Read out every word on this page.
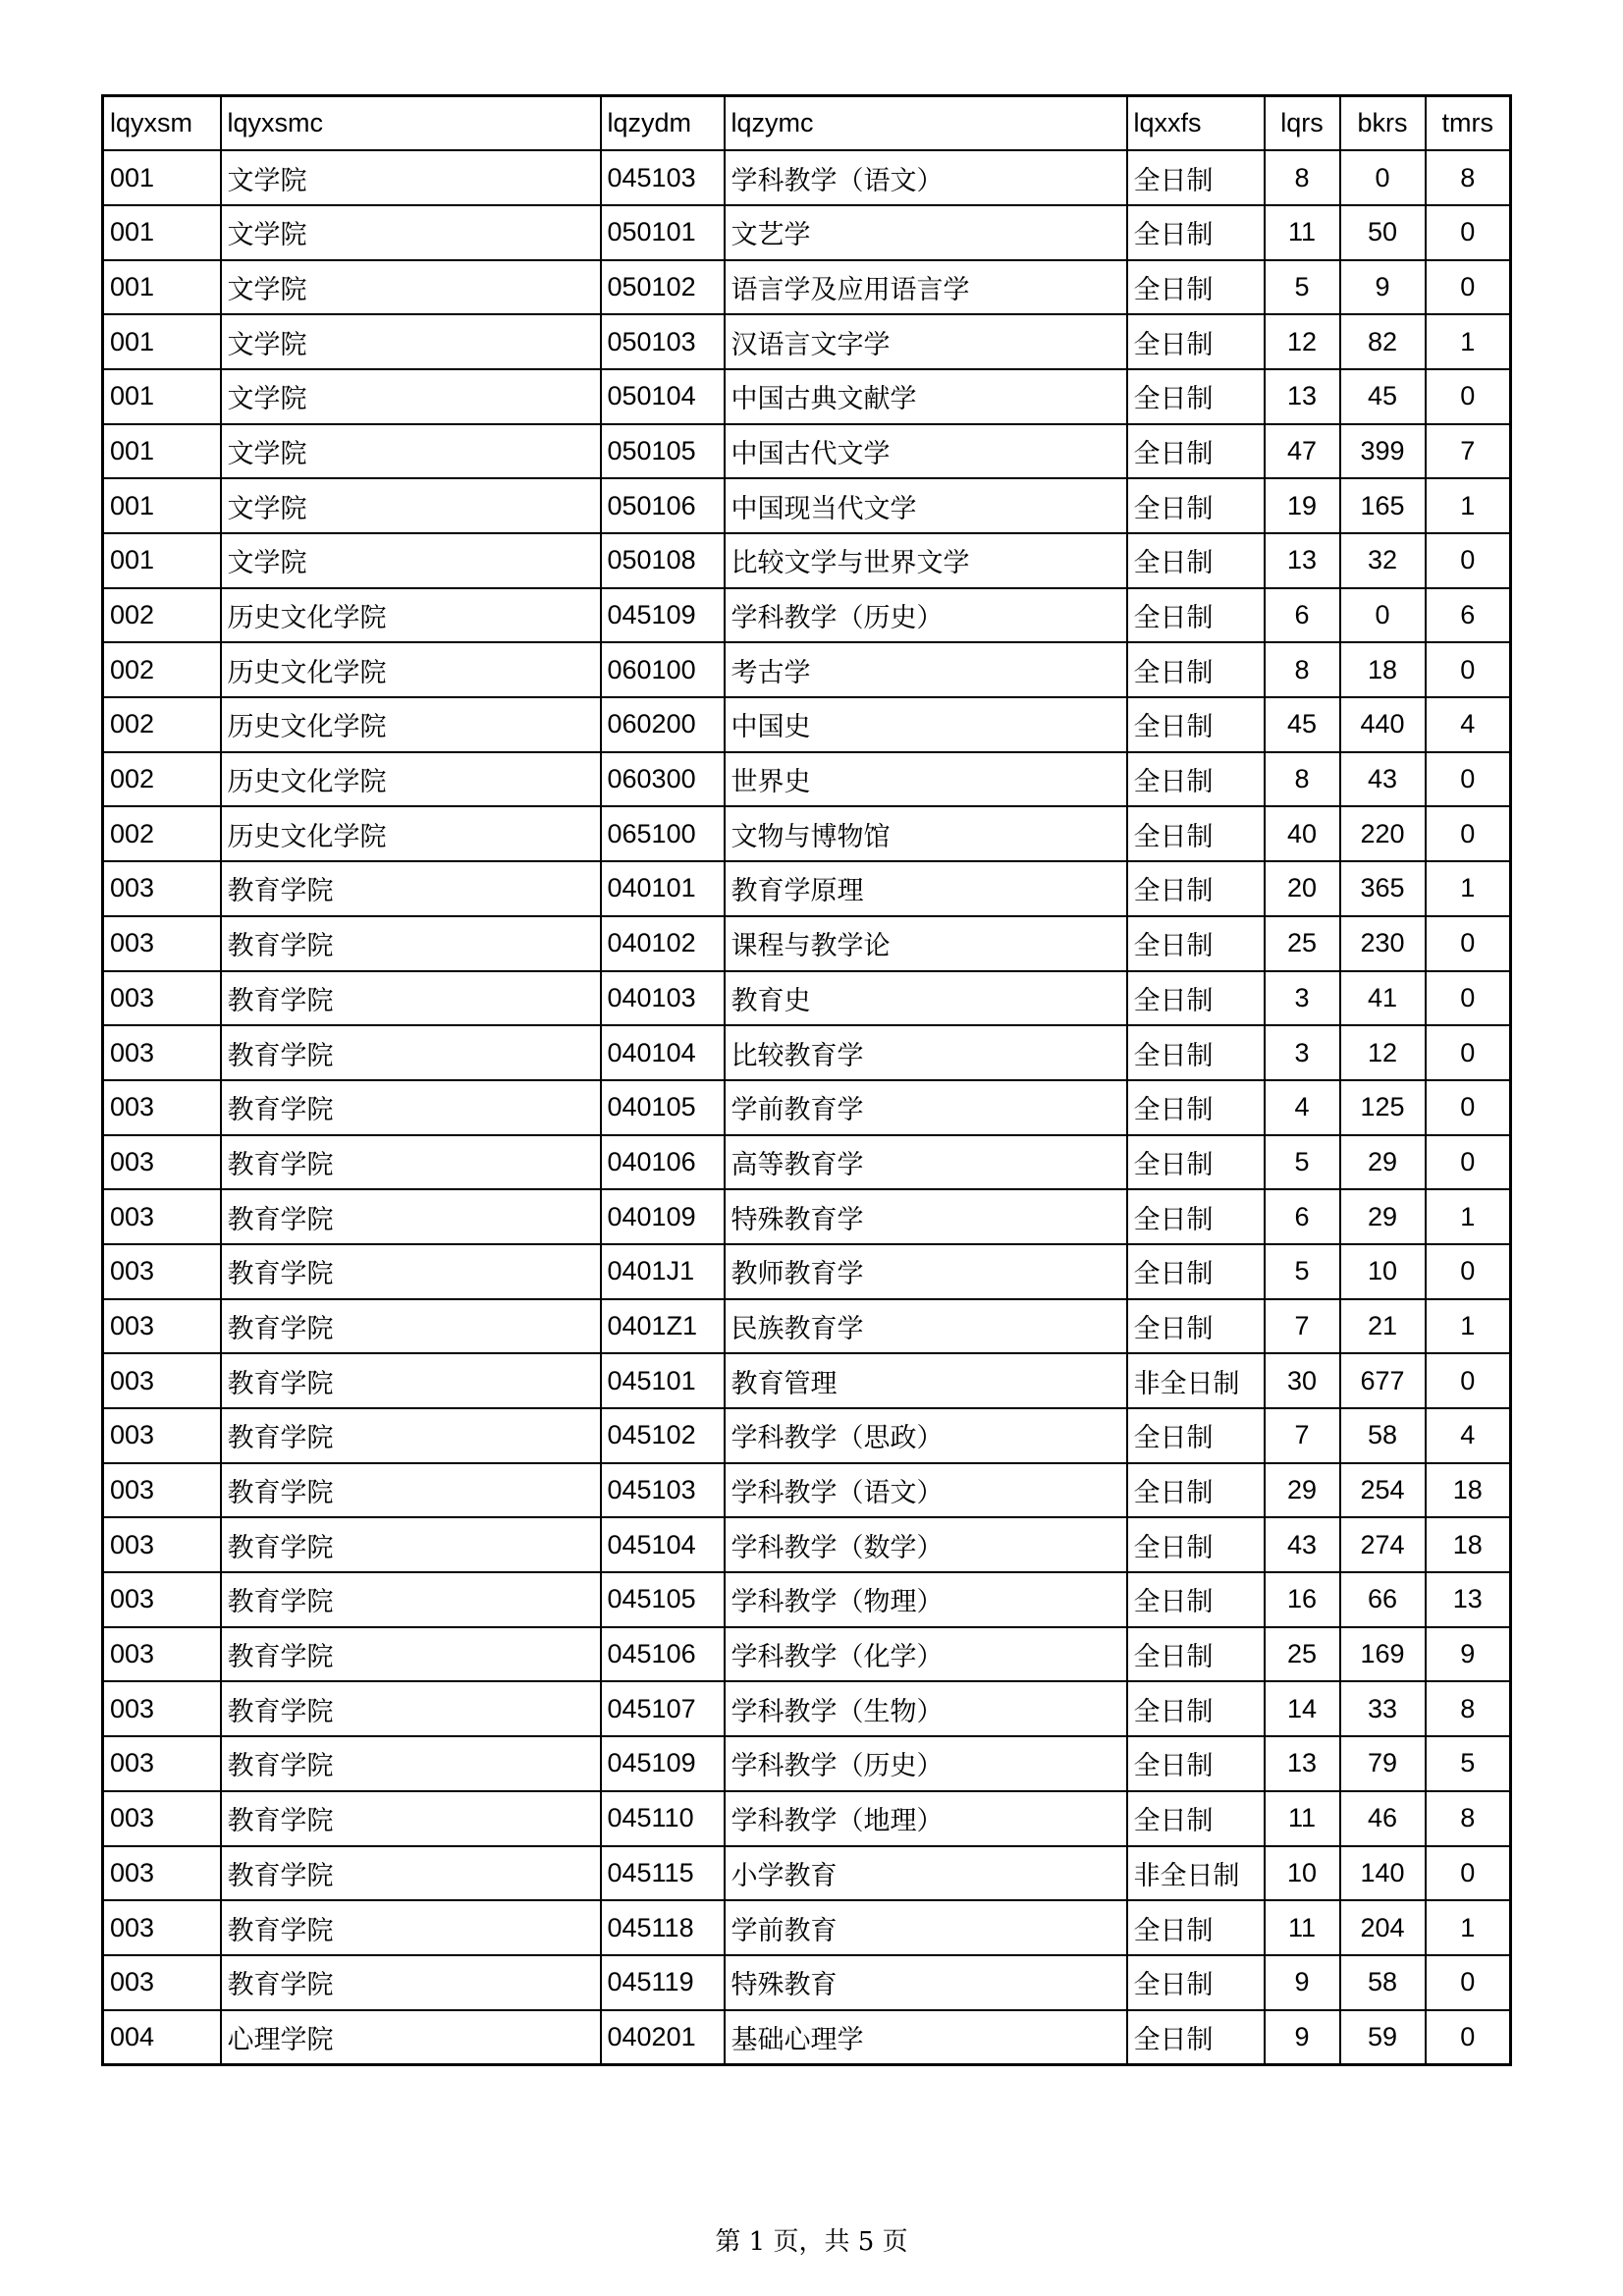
lqyxsm	lqyxsmc	lqzydm	lqzymc	lqxxfs	lqrs	bkrs	tmrs
001	文学院	045103	学科教学（语文）	全日制	8	0	8
001	文学院	050101	文艺学	全日制	11	50	0
001	文学院	050102	语言学及应用语言学	全日制	5	9	0
001	文学院	050103	汉语言文字学	全日制	12	82	1
001	文学院	050104	中国古典文献学	全日制	13	45	0
001	文学院	050105	中国古代文学	全日制	47	399	7
001	文学院	050106	中国现当代文学	全日制	19	165	1
001	文学院	050108	比较文学与世界文学	全日制	13	32	0
002	历史文化学院	045109	学科教学（历史）	全日制	6	0	6
002	历史文化学院	060100	考古学	全日制	8	18	0
002	历史文化学院	060200	中国史	全日制	45	440	4
002	历史文化学院	060300	世界史	全日制	8	43	0
002	历史文化学院	065100	文物与博物馆	全日制	40	220	0
003	教育学院	040101	教育学原理	全日制	20	365	1
003	教育学院	040102	课程与教学论	全日制	25	230	0
003	教育学院	040103	教育史	全日制	3	41	0
003	教育学院	040104	比较教育学	全日制	3	12	0
003	教育学院	040105	学前教育学	全日制	4	125	0
003	教育学院	040106	高等教育学	全日制	5	29	0
003	教育学院	040109	特殊教育学	全日制	6	29	1
003	教育学院	0401J1	教师教育学	全日制	5	10	0
003	教育学院	0401Z1	民族教育学	全日制	7	21	1
003	教育学院	045101	教育管理	非全日制	30	677	0
003	教育学院	045102	学科教学（思政）	全日制	7	58	4
003	教育学院	045103	学科教学（语文）	全日制	29	254	18
003	教育学院	045104	学科教学（数学）	全日制	43	274	18
003	教育学院	045105	学科教学（物理）	全日制	16	66	13
003	教育学院	045106	学科教学（化学）	全日制	25	169	9
003	教育学院	045107	学科教学（生物）	全日制	14	33	8
003	教育学院	045109	学科教学（历史）	全日制	13	79	5
003	教育学院	045110	学科教学（地理）	全日制	11	46	8
003	教育学院	045115	小学教育	非全日制	10	140	0
003	教育学院	045118	学前教育	全日制	11	204	1
003	教育学院	045119	特殊教育	全日制	9	58	0
004	心理学院	040201	基础心理学	全日制	9	59	0
第 1 页，共 5 页
